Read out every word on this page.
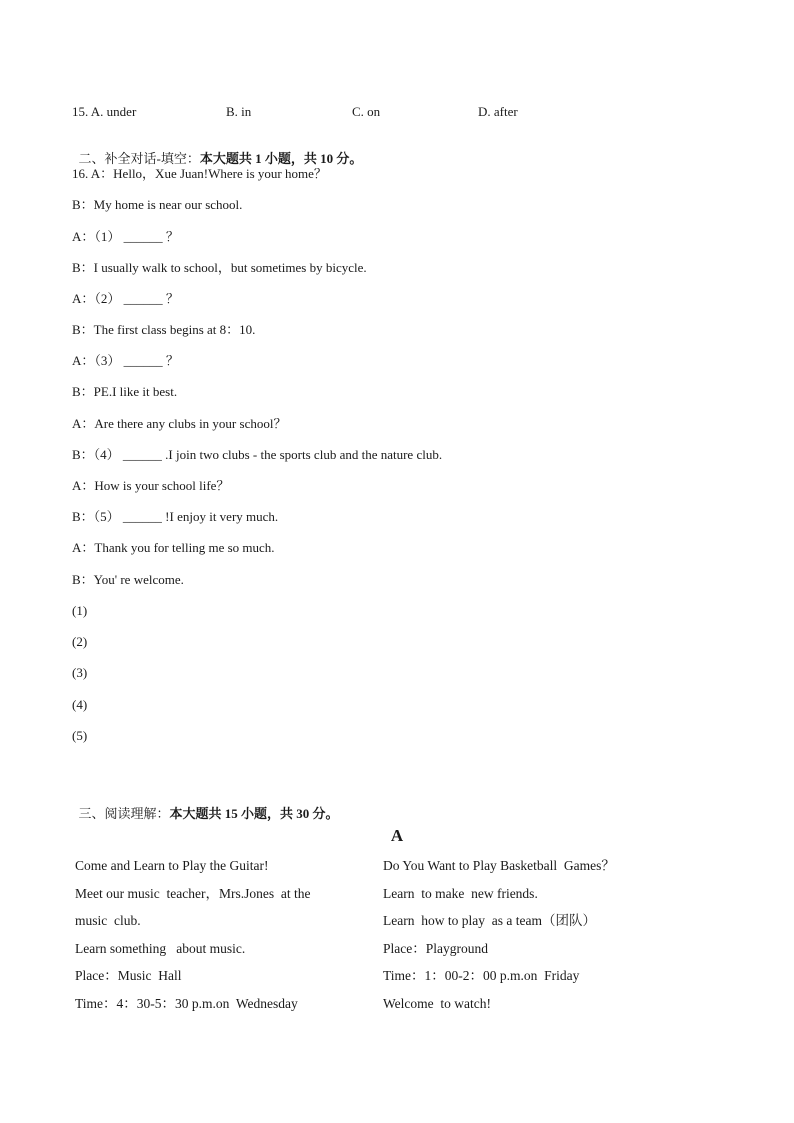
15. A. under	B. in	C. on	D. after

二、补全对话-填空：本大题共 1 小题，共 10 分。

16. A：Hello，Xue Juan!Where is your home？
B：My home is near our school.
A：（1） ______ ？
B：I usually walk to school，but sometimes by bicycle.
A：（2） ______ ？
B：The first class begins at 8：10.
A：（3） ______ ？
B：PE.I like it best.
A：Are there any clubs in your school？
B：（4） ______ .I join two clubs - the sports club and the nature club.
A：How is your school life？
B：（5） ______ !I enjoy it very much.
A：Thank you for telling me so much.
B：You' re welcome.
(1)
(2)
(3)
(4)
(5)

三、阅读理解：本大题共 15 小题，共 30 分。

A
Come and Learn to Play the Guitar!
Meet our music  teacher，Mrs.Jones  at the
music  club.
Learn something   about music.
Place：Music  Hall
Time：4：30-5：30 p.m.on  Wednesday
Do You Want to Play Basketball  Games？
Learn  to make  new friends.
Learn  how to play  as a team（团队）
Place：Playground
Time：1：00-2：00 p.m.on  Friday
Welcome  to watch!
